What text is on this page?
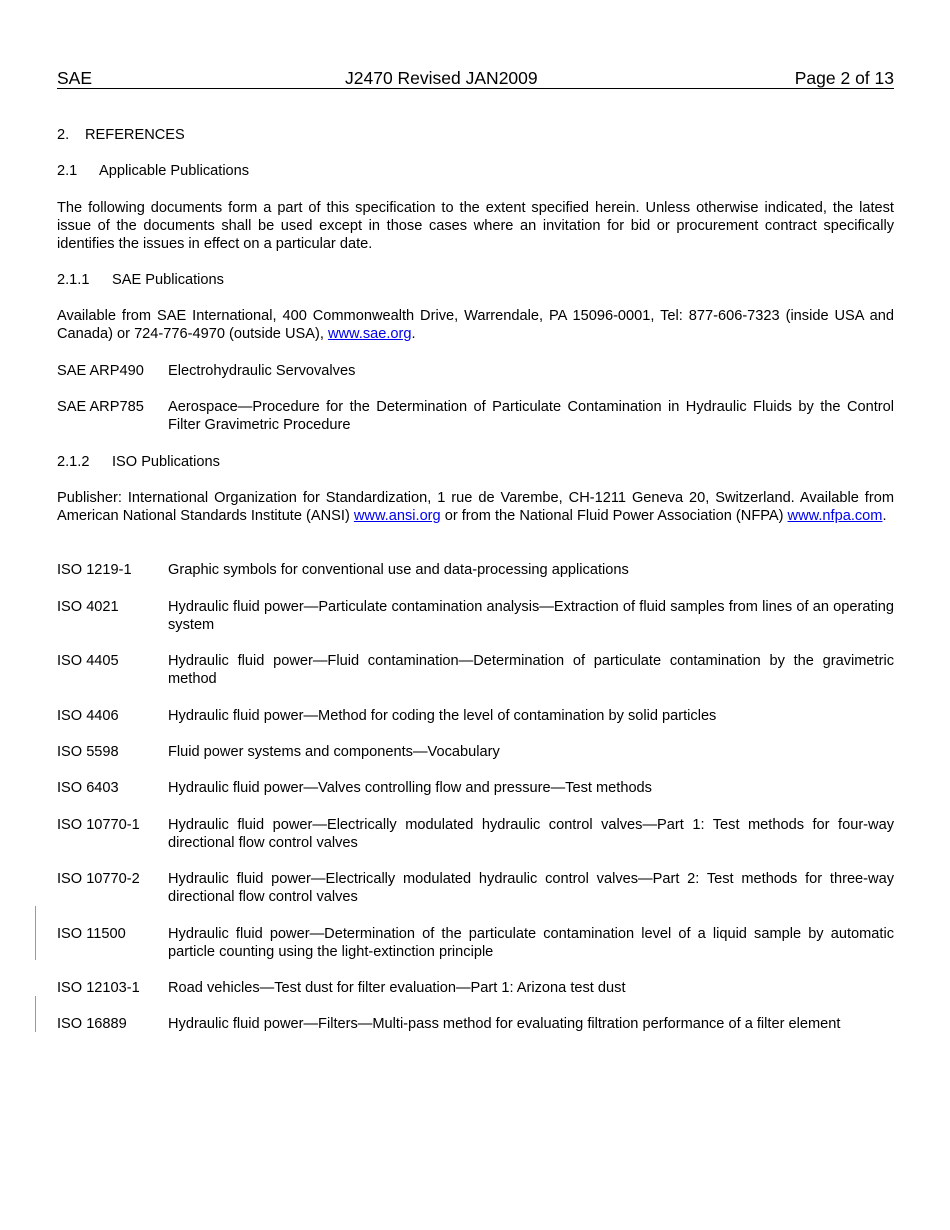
SAE	J2470 Revised JAN2009	Page 2 of 13
2. REFERENCES
2.1 Applicable Publications
The following documents form a part of this specification to the extent specified herein. Unless otherwise indicated, the latest issue of the documents shall be used except in those cases where an invitation for bid or procurement contract specifically identifies the issues in effect on a particular date.
2.1.1 SAE Publications
Available from SAE International, 400 Commonwealth Drive, Warrendale, PA 15096-0001, Tel: 877-606-7323 (inside USA and Canada) or 724-776-4970 (outside USA), www.sae.org.
SAE ARP490 Electrohydraulic Servovalves
SAE ARP785 Aerospace—Procedure for the Determination of Particulate Contamination in Hydraulic Fluids by the Control Filter Gravimetric Procedure
2.1.2 ISO Publications
Publisher: International Organization for Standardization, 1 rue de Varembe, CH-1211 Geneva 20, Switzerland. Available from American National Standards Institute (ANSI) www.ansi.org or from the National Fluid Power Association (NFPA) www.nfpa.com.
ISO 1219-1 Graphic symbols for conventional use and data-processing applications
ISO 4021	Hydraulic fluid power—Particulate contamination analysis—Extraction of fluid samples from lines of an operating system
ISO 4405	Hydraulic fluid power—Fluid contamination—Determination of particulate contamination by the gravimetric method
ISO 4406	Hydraulic fluid power—Method for coding the level of contamination by solid particles
ISO 5598	Fluid power systems and components—Vocabulary
ISO 6403	Hydraulic fluid power—Valves controlling flow and pressure—Test methods
ISO 10770-1 Hydraulic fluid power—Electrically modulated hydraulic control valves—Part 1: Test methods for four-way directional flow control valves
ISO 10770-2 Hydraulic fluid power—Electrically modulated hydraulic control valves—Part 2: Test methods for three-way directional flow control valves
ISO 11500	Hydraulic fluid power—Determination of the particulate contamination level of a liquid sample by automatic particle counting using the light-extinction principle
ISO 12103-1 Road vehicles—Test dust for filter evaluation—Part 1: Arizona test dust
ISO 16889	Hydraulic fluid power—Filters—Multi-pass method for evaluating filtration performance of a filter element
